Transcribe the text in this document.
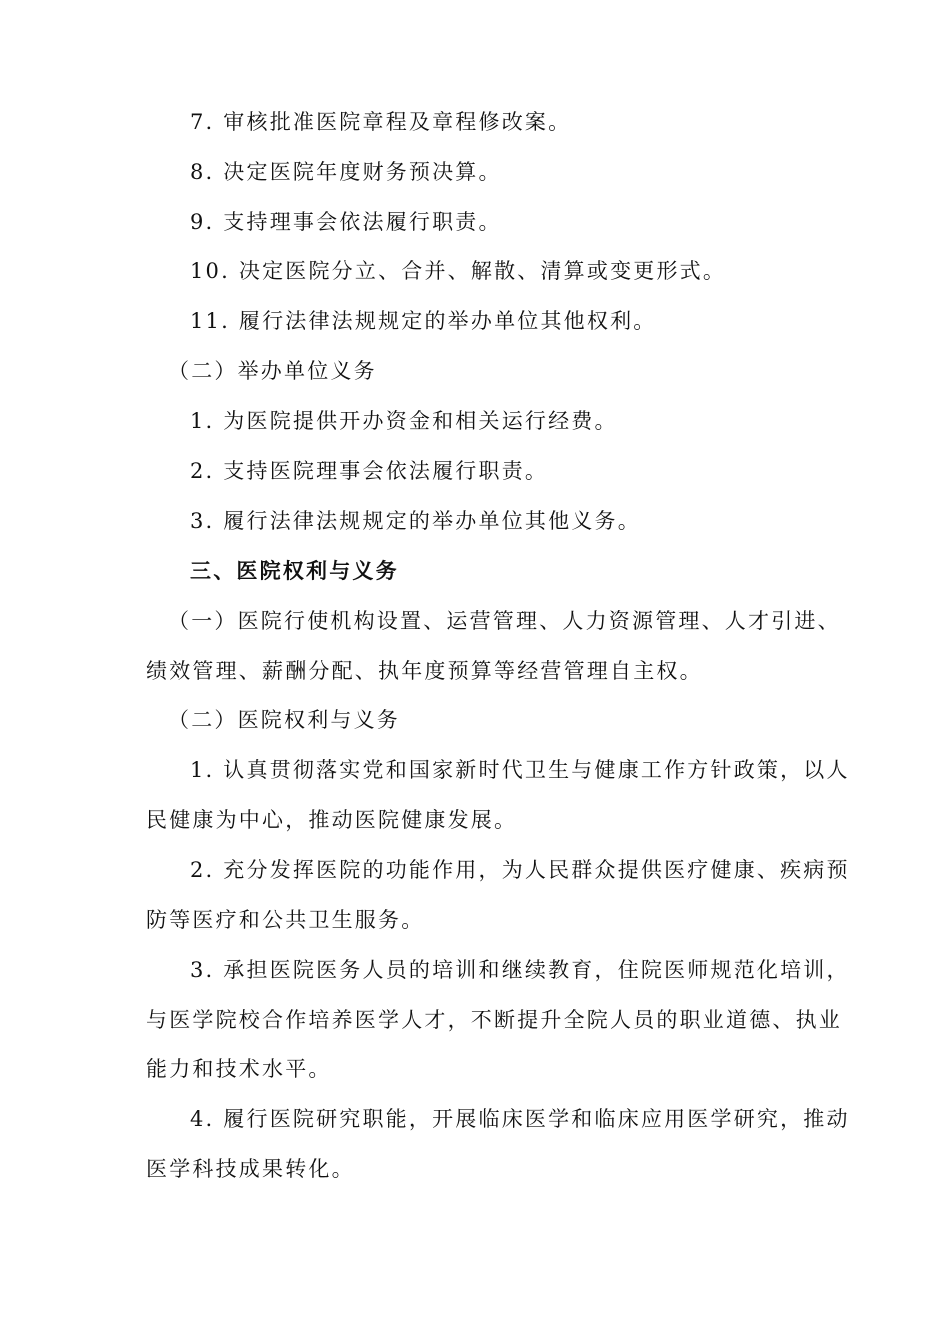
7. 审核批准医院章程及章程修改案。
8. 决定医院年度财务预决算。
9. 支持理事会依法履行职责。
10. 决定医院分立、合并、解散、清算或变更形式。
11. 履行法律法规规定的举办单位其他权利。
（二）举办单位义务
1. 为医院提供开办资金和相关运行经费。
2. 支持医院理事会依法履行职责。
3. 履行法律法规规定的举办单位其他义务。
三、医院权利与义务
（一）医院行使机构设置、运营管理、人力资源管理、人才引进、
绩效管理、薪酬分配、执年度预算等经营管理自主权。
（二）医院权利与义务
1. 认真贯彻落实党和国家新时代卫生与健康工作方针政策，以人
民健康为中心，推动医院健康发展。
2. 充分发挥医院的功能作用，为人民群众提供医疗健康、疾病预
防等医疗和公共卫生服务。
3. 承担医院医务人员的培训和继续教育，住院医师规范化培训，
与医学院校合作培养医学人才，不断提升全院人员的职业道德、执业
能力和技术水平。
4. 履行医院研究职能，开展临床医学和临床应用医学研究，推动
医学科技成果转化。
